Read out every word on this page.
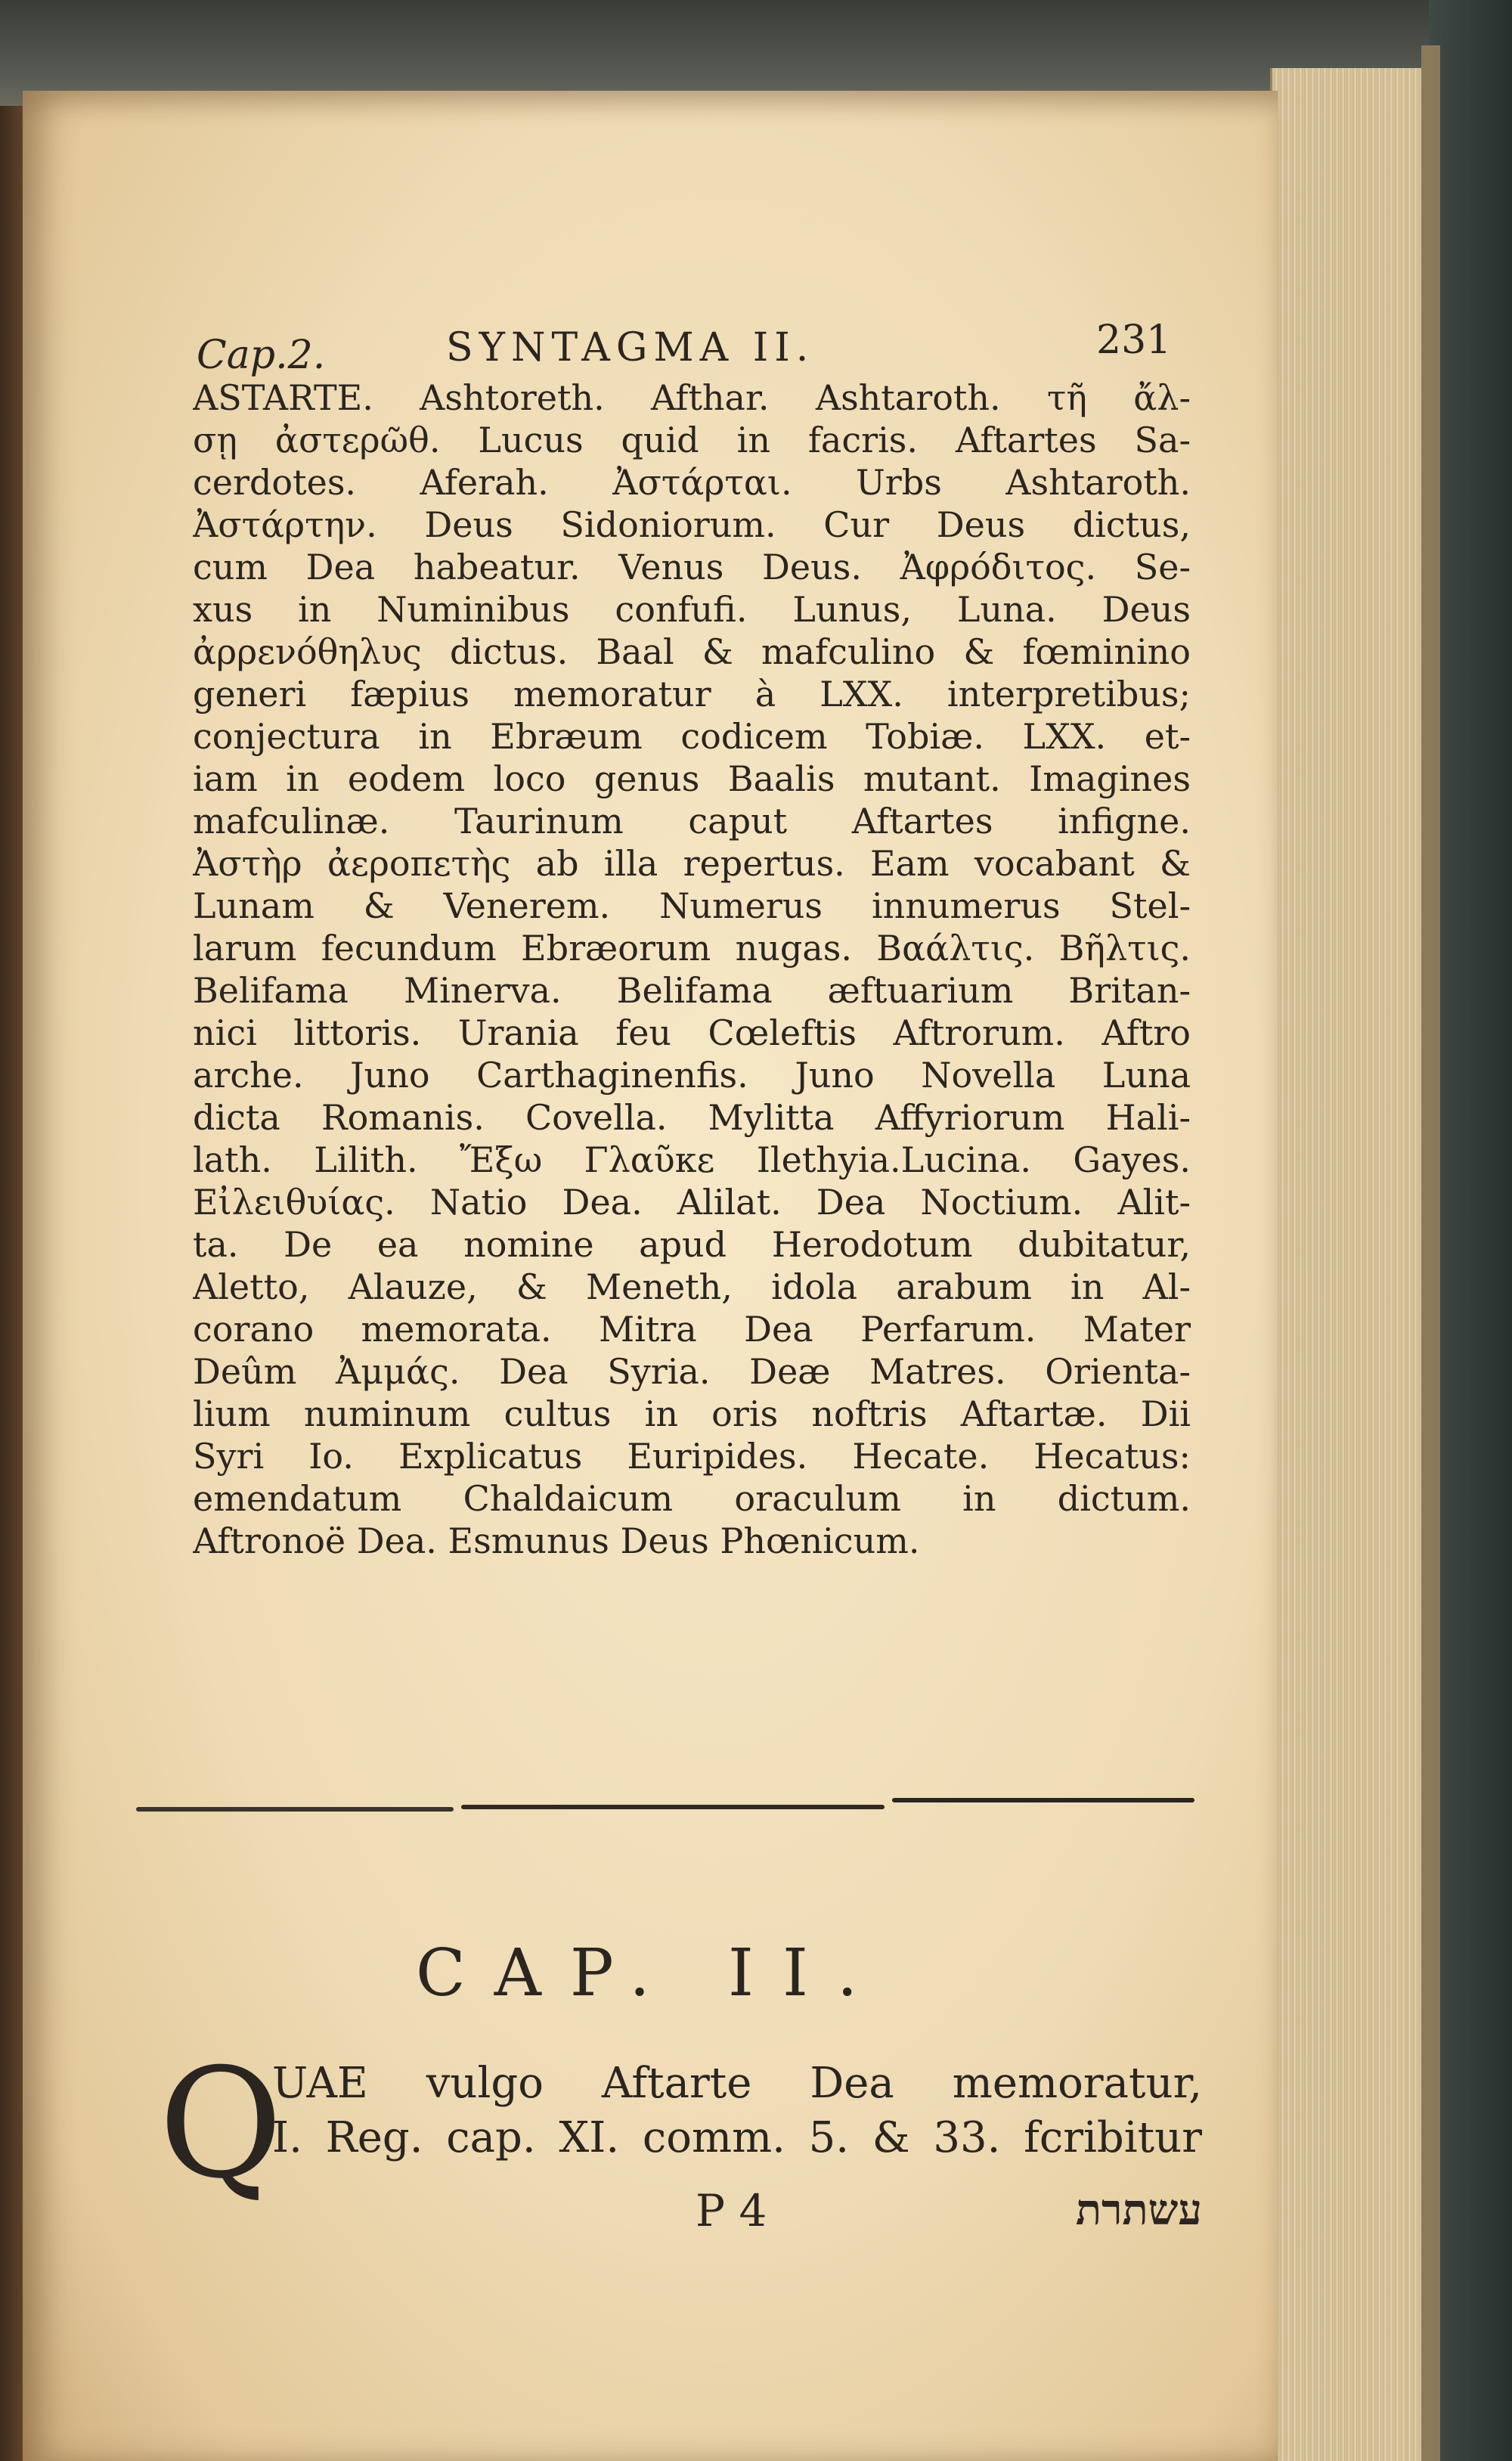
Cap.2.	SYNTAGMA II.	231
ASTARTE. Ashtoreth. Afthar. Ashtaroth. τῆ ἄλ-
σῃ ἀστερῶθ. Lucus quid in facris. Aftartes Sa-
cerdotes. Aferah. Ἀστάρται. Urbs Ashtaroth.
Ἀστάρτην. Deus Sidoniorum. Cur Deus dictus,
cum Dea habeatur. Venus Deus. Ἀφρόδιτος. Se-
xus in Numinibus confufi. Lunus, Luna. Deus
ἀρρενόθηλυς dictus. Baal & mafculino & fœminino
generi fæpius memoratur à LXX. interpretibus;
conjectura in Ebræum codicem Tobiæ. LXX. et-
iam in eodem loco genus Baalis mutant. Imagines
mafculinæ. Taurinum caput Aftartes infigne.
Ἀστὴρ ἀεροπετὴς ab illa repertus. Eam vocabant &
Lunam & Venerem. Numerus innumerus Stel-
larum fecundum Ebræorum nugas. Βαάλτις. Βῆλτις.
Belifama Minerva. Belifama æftuarium Britan-
nici littoris. Urania feu Cœleftis Aftrorum. Aftro
arche. Juno Carthaginenfis. Juno Novella Luna
dicta Romanis. Covella. Mylitta Affyriorum Hali-
lath. Lilith. Ἔξω Γλαῦκε Ilethyia.Lucina. Gayes.
Εἰλειθυίας. Natio Dea. Alilat. Dea Noctium. Alit-
ta. De ea nomine apud Herodotum dubitatur,
Aletto, Alauze, & Meneth, idola arabum in Al-
corano memorata. Mitra Dea Perfarum. Mater
Deûm Ἀμμάς. Dea Syria. Deæ Matres. Orienta-
lium numinum cultus in oris noftris Aftartæ. Dii
Syri Io. Explicatus Euripides. Hecate. Hecatus:
emendatum Chaldaicum oraculum in dictum.
Aftronoë Dea. Esmunus Deus Phœnicum.
CAP. II.
Q
UAE vulgo Aftarte Dea memoratur,
I. Reg. cap. XI. comm. 5. & 33. fcribitur
P 4	עשתרת
